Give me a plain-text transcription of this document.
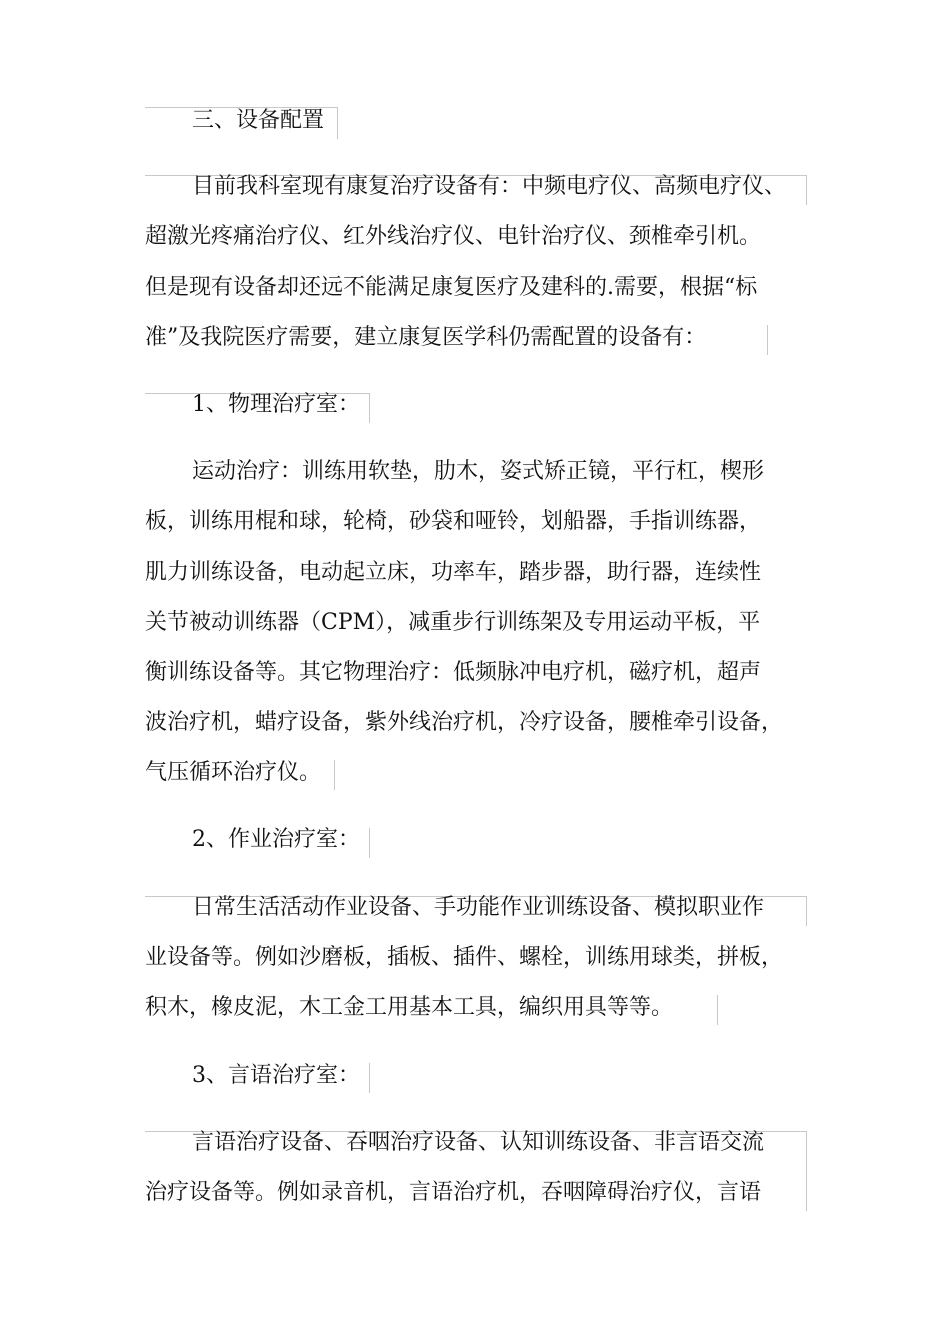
三、设备配置

目前我科室现有康复治疗设备有：中频电疗仪、高频电疗仪、

超激光疼痛治疗仪、红外线治疗仪、电针治疗仪、颈椎牵引机。

但是现有设备却还远不能满足康复医疗及建科的.需要，根据“标

准”及我院医疗需要，建立康复医学科仍需配置的设备有：

1、物理治疗室：

运动治疗：训练用软垫，肋木，姿式矫正镜，平行杠，楔形

板，训练用棍和球，轮椅，砂袋和哑铃，划船器，手指训练器，

肌力训练设备，电动起立床，功率车，踏步器，助行器，连续性

关节被动训练器（CPM），减重步行训练架及专用运动平板，平

衡训练设备等。其它物理治疗：低频脉冲电疗机，磁疗机，超声

波治疗机，蜡疗设备，紫外线治疗机，冷疗设备，腰椎牵引设备，

气压循环治疗仪。

2、作业治疗室：

日常生活活动作业设备、手功能作业训练设备、模拟职业作

业设备等。例如沙磨板，插板、插件、螺栓，训练用球类，拼板，

积木，橡皮泥，木工金工用基本工具，编织用具等等。

3、言语治疗室：

言语治疗设备、吞咽治疗设备、认知训练设备、非言语交流

治疗设备等。例如录音机，言语治疗机，吞咽障碍治疗仪，言语
